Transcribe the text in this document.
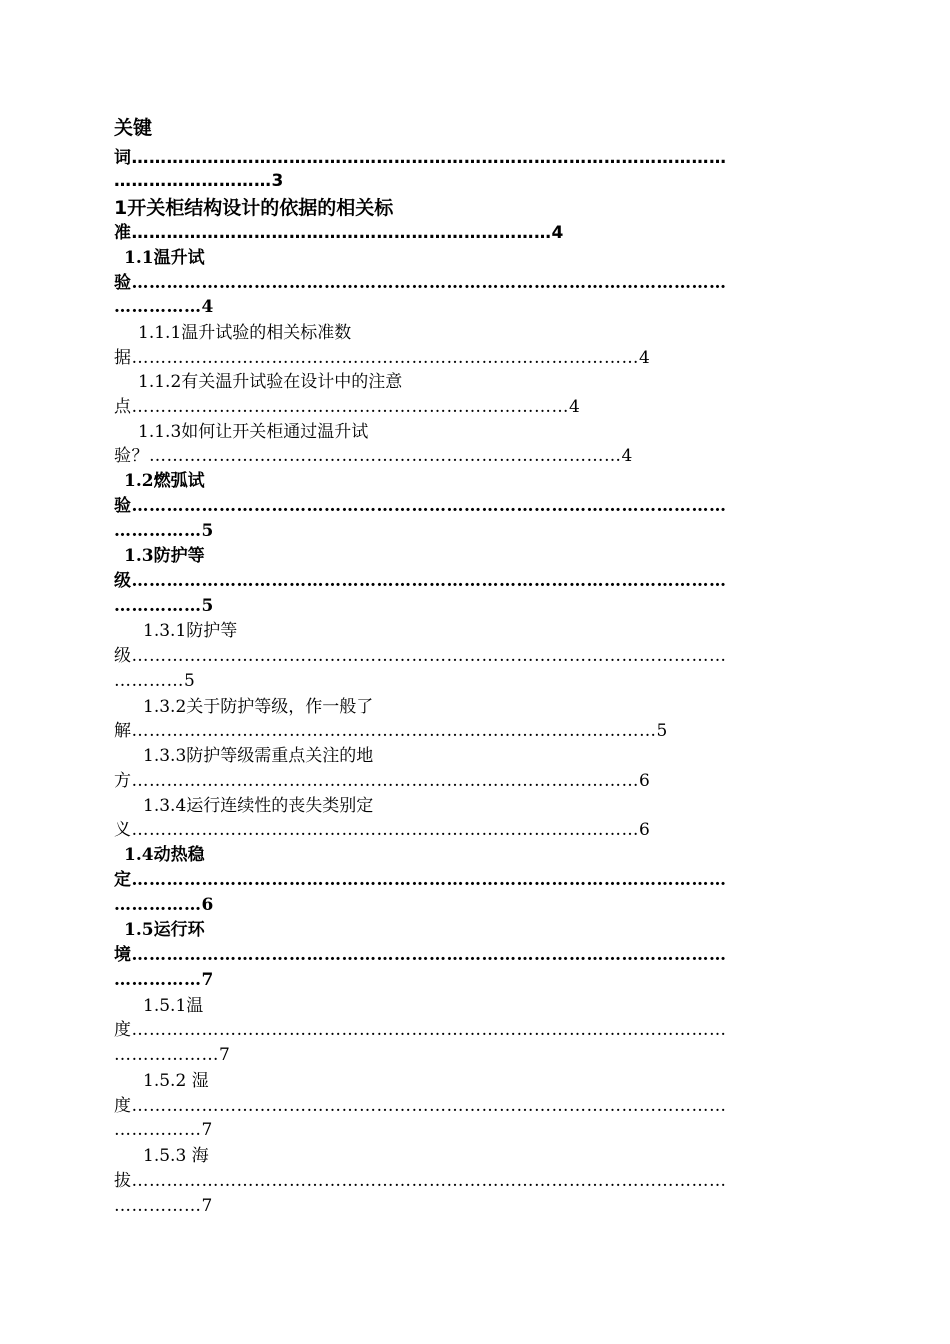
关键
词…………………………………………………………………………………………
………………………3
1开关柜结构设计的依据的相关标
准………………………………………………………………4
1.1温升试
验…………………………………………………………………………………………
……………4
1.1.1温升试验的相关标准数
据……………………………………………………………………………4
1.1.2有关温升试验在设计中的注意
点…………………………………………………………………4
1.1.3如何让开关柜通过温升试
验？………………………………………………………………………4
1.2燃弧试
验…………………………………………………………………………………………
……………5
1.3防护等
级…………………………………………………………………………………………
……………5
1.3.1防护等
级…………………………………………………………………………………………
…………5
1.3.2关于防护等级，作一般了
解………………………………………………………………………………5
1.3.3防护等级需重点关注的地
方……………………………………………………………………………6
1.3.4运行连续性的丧失类别定
义……………………………………………………………………………6
1.4动热稳
定…………………………………………………………………………………………
……………6
1.5运行环
境…………………………………………………………………………………………
……………7
1.5.1温
度…………………………………………………………………………………………
………………7
1.5.2 湿
度…………………………………………………………………………………………
……………7
1.5.3 海
拔…………………………………………………………………………………………
……………7
